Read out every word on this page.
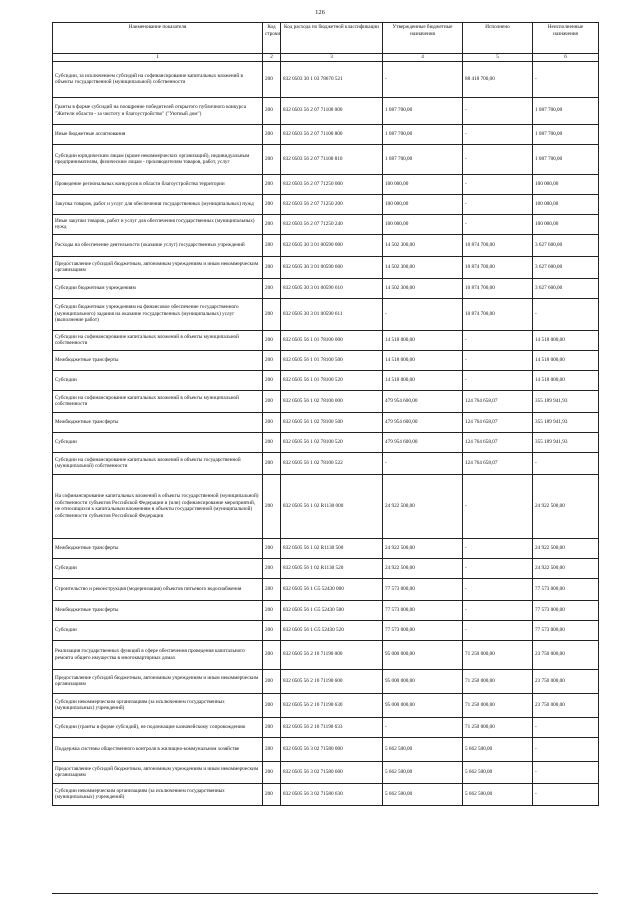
126
Наименование показателя	Код строки	Код расхода по бюджетной классификации	Утвержденные бюджетные назначения	Исполнено	Неисполненные назначения
1	2	3	4	5	6
Субсидии, за исключением субсидий на софинансирование капитальных вложений в объекты государственной (муниципальной) собственности	200	832 0503 30 1 03 78670 521	-	88 418 700,00	-
Гранты в форме субсидий на поощрение победителей открытого публичного конкурса "Жители области - за чистоту и благоустройство" ("Уютный дом")	200	832 0503 56 2 07 71100 000	1 087 700,00	-	1 087 700,00
Иные бюджетные ассигнования	200	832 0503 56 2 07 71100 800	1 087 700,00	-	1 087 700,00
Субсидии юридическим лицам (кроме некоммерческих организаций), индивидуальным предпринимателям, физическим лицам - производителям товаров, работ, услуг	200	832 0503 56 2 07 71100 810	1 087 700,00	-	1 087 700,00
Проведение региональных конкурсов в области благоустройства территории	200	832 0503 56 2 07 71250 000	100 000,00	-	100 000,00
Закупка товаров, работ и услуг для обеспечения государственных (муниципальных) нужд	200	832 0503 56 2 07 71250 200	100 000,00	-	100 000,00
Иные закупки товаров, работ и услуг для обеспечения государственных (муниципальных) нужд	200	832 0503 56 2 07 71250 240	100 000,00	-	100 000,00
Расходы на обеспечение деятельности (оказание услуг) государственных учреждений	200	832 0505 30 3 01 00590 000	14 502 300,00	10 874 700,00	3 627 600,00
Предоставление субсидий бюджетным, автономным учреждениям и иным некоммерческим организациям	200	832 0505 30 3 01 00590 600	14 502 300,00	10 874 700,00	3 627 600,00
Субсидии бюджетным учреждениям	200	832 0505 30 3 01 00590 610	14 502 300,00	10 874 700,00	3 627 600,00
Субсидии бюджетным учреждениям на финансовое обеспечение государственного (муниципального) задания на оказание государственных (муниципальных) услуг (выполнение работ)	200	832 0505 30 3 01 00590 611	-	10 874 700,00	-
Субсидии на софинансирование капитальных вложений в объекты муниципальной собственности	200	832 0505 56 1 01 78100 000	14 518 000,00	-	14 518 000,00
Межбюджетные трансферты	200	832 0505 56 1 01 78100 500	14 518 000,00	-	14 518 000,00
Субсидии	200	832 0505 56 1 01 78100 520	14 518 000,00	-	14 518 000,00
Субсидии на софинансирование капитальных вложений в объекты муниципальной собственности	200	832 0505 56 1 02 78100 000	479 954 600,00	124 764 658,07	355 189 941,93
Межбюджетные трансферты	200	832 0505 56 1 02 78100 500	479 954 600,00	124 764 658,07	355 189 941,93
Субсидии	200	832 0505 56 1 02 78100 520	479 954 600,00	124 764 658,07	355 189 941,93
Субсидии на софинансирование капитальных вложений в объекты государственной (муниципальной) собственности	200	832 0505 56 1 02 78100 522	-	124 764 658,07	-
На софинансирование капитальных вложений в объекты государственной (муниципальной) собственности субъектов Российской Федерации и (или) софинансирование мероприятий, не относящихся к капитальным вложениям в объекты государственной (муниципальной) собственности субъектов Российской Федерации	200	832 0505 56 1 02 R1130 000	24 922 500,00	-	24 922 500,00
Межбюджетные трансферты	200	832 0505 56 1 02 R1130 500	24 922 500,00	-	24 922 500,00
Субсидии	200	832 0505 56 1 02 R1130 520	24 922 500,00	-	24 922 500,00
Строительство и реконструкция (модернизация) объектов питьевого водоснабжения	200	832 0505 56 1 G5 52430 000	77 573 000,00	-	77 573 000,00
Межбюджетные трансферты	200	832 0505 56 1 G5 52430 500	77 573 000,00	-	77 573 000,00
Субсидии	200	832 0505 56 1 G5 52430 520	77 573 000,00	-	77 573 000,00
Реализация государственных функций в сфере обеспечения проведения капитального ремонта общего имущества в многоквартирных домах	200	832 0505 56 2 10 71190 000	95 000 000,00	71 250 000,00	23 750 000,00
Предоставление субсидий бюджетным, автономным учреждениям и иным некоммерческим организациям	200	832 0505 56 2 10 71190 600	95 000 000,00	71 250 000,00	23 750 000,00
Субсидии некоммерческим организациям (за исключением государственных (муниципальных) учреждений)	200	832 0505 56 2 10 71190 630	95 000 000,00	71 250 000,00	23 750 000,00
Субсидии (гранты в форме субсидий), не подлежащие казначейскому сопровождению	200	832 0505 56 2 10 71190 633	-	71 250 000,00	-
Поддержка системы общественного контроля в жилищно-коммунальном хозяйстве	200	832 0505 56 3 02 71580 000	5 662 500,00	5 662 500,00	-
Предоставление субсидий бюджетным, автономным учреждениям и иным некоммерческим организациям	200	832 0505 56 3 02 71580 600	5 662 500,00	5 662 500,00	-
Субсидии некоммерческим организациям (за исключением государственных (муниципальных) учреждений)	200	832 0505 56 3 02 71580 630	5 662 500,00	5 662 500,00	-
